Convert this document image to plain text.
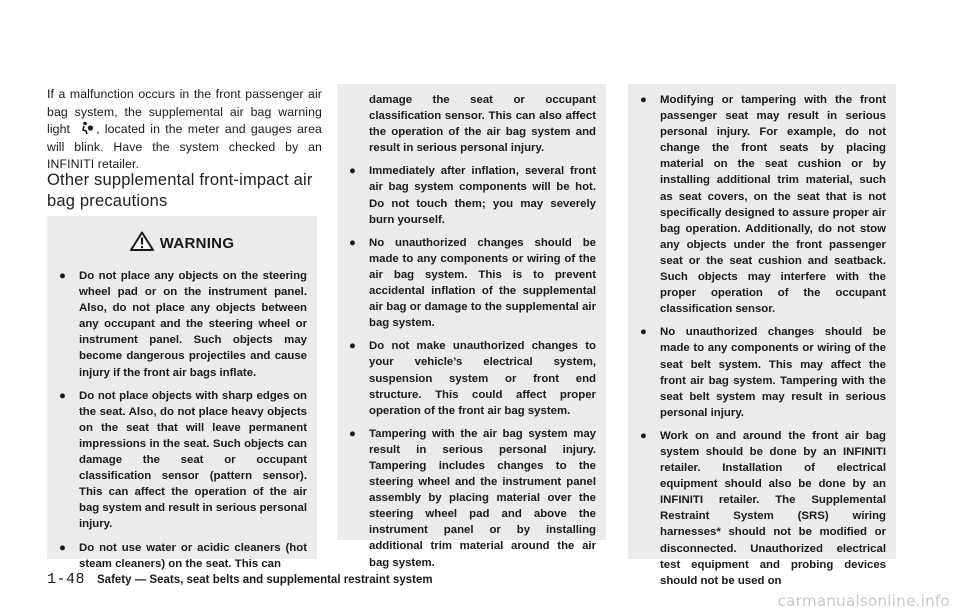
If a malfunction occurs in the front passenger air bag system, the supplemental air bag warning light , located in the meter and gauges area will blink. Have the system checked by an INFINITI retailer.

Other supplemental front-impact air bag precautions
WARNING
● Do not place any objects on the steering wheel pad or on the instrument panel. Also, do not place any objects between any occupant and the steering wheel or instrument panel. Such objects may become dangerous projectiles and cause injury if the front air bags inflate.
● Do not place objects with sharp edges on the seat. Also, do not place heavy objects on the seat that will leave permanent impressions in the seat. Such objects can damage the seat or occupant classification sensor (pattern sensor). This can affect the operation of the air bag system and result in serious personal injury.
● Do not use water or acidic cleaners (hot steam cleaners) on the seat. This can
damage the seat or occupant classification sensor. This can also affect the operation of the air bag system and result in serious personal injury.
● Immediately after inflation, several front air bag system components will be hot. Do not touch them; you may severely burn yourself.
● No unauthorized changes should be made to any components or wiring of the air bag system. This is to prevent accidental inflation of the supplemental air bag or damage to the supplemental air bag system.
● Do not make unauthorized changes to your vehicle’s electrical system, suspension system or front end structure. This could affect proper operation of the front air bag system.
● Tampering with the air bag system may result in serious personal injury. Tampering includes changes to the steering wheel and the instrument panel assembly by placing material over the steering wheel pad and above the instrument panel or by installing additional trim material around the air bag system.
● Modifying or tampering with the front passenger seat may result in serious personal injury. For example, do not change the front seats by placing material on the seat cushion or by installing additional trim material, such as seat covers, on the seat that is not specifically designed to assure proper air bag operation. Additionally, do not stow any objects under the front passenger seat or the seat cushion and seatback. Such objects may interfere with the proper operation of the occupant classification sensor.
● No unauthorized changes should be made to any components or wiring of the seat belt system. This may affect the front air bag system. Tampering with the seat belt system may result in serious personal injury.
● Work on and around the front air bag system should be done by an INFINITI retailer. Installation of electrical equipment should also be done by an INFINITI retailer. The Supplemental Restraint System (SRS) wiring harnesses* should not be modified or disconnected. Unauthorized electrical test equipment and probing devices should not be used on
1-48 Safety — Seats, seat belts and supplemental restraint system
carmanualsonline.info
